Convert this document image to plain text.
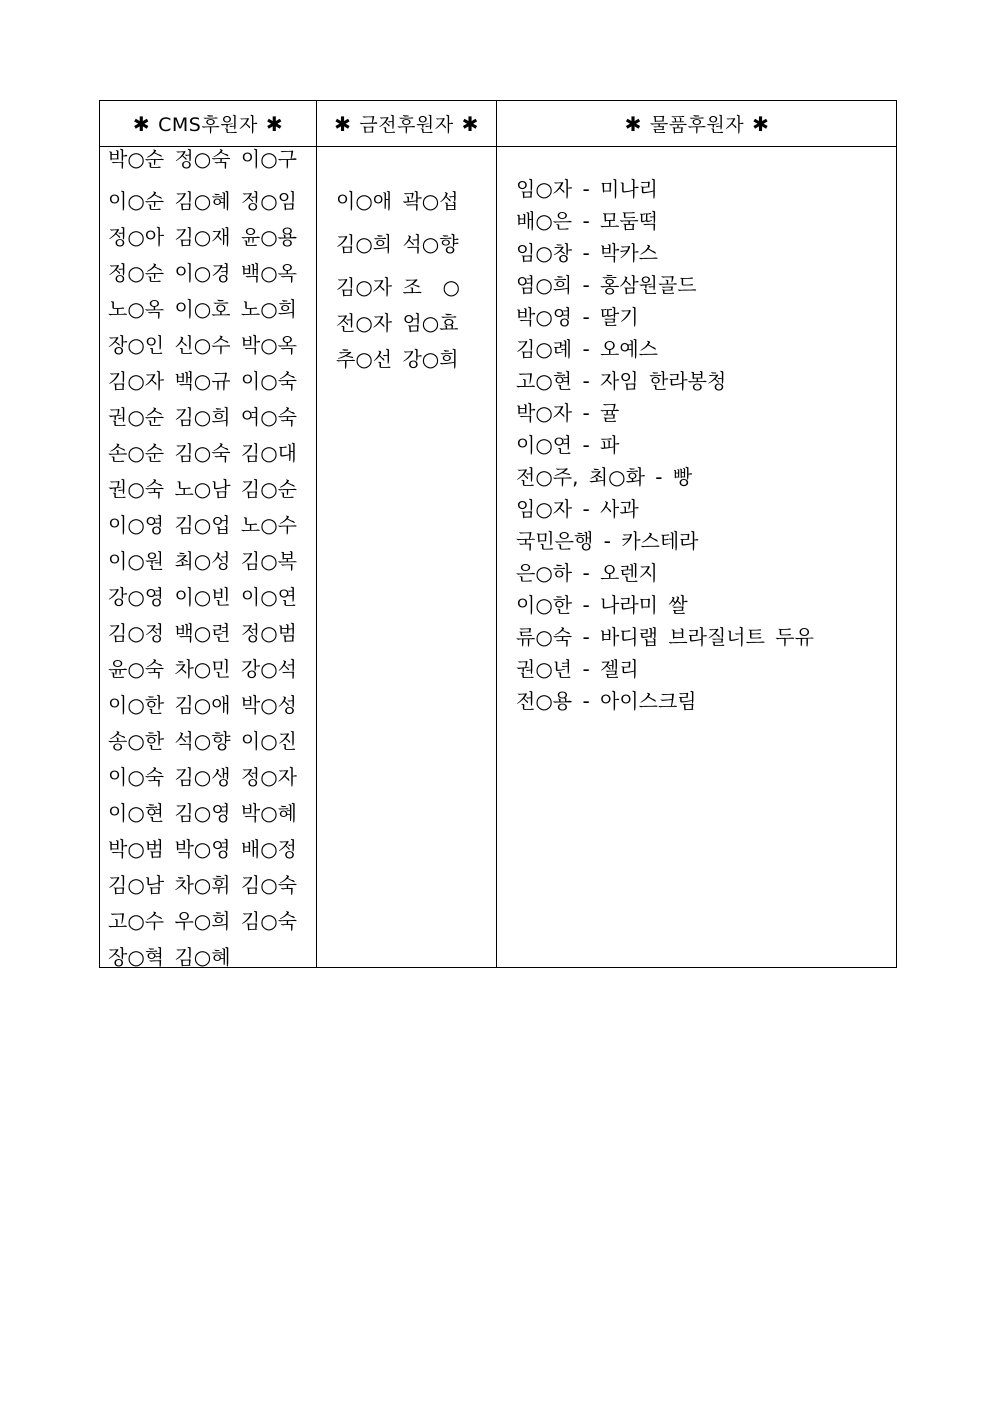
✱ CMS후원자 ✱	✱ 금전후원자 ✱	✱ 물품후원자 ✱
박○순 정○숙 이○구
이○순 김○혜 정○임
정○아 김○재 윤○용
정○순 이○경 백○옥
노○옥 이○호 노○희
장○인 신○수 박○옥
김○자 백○규 이○숙
권○순 김○희 여○숙
손○순 김○숙 김○대
권○숙 노○남 김○순
이○영 김○업 노○수
이○원 최○성 김○복
강○영 이○빈 이○연
김○정 백○련 정○범
윤○숙 차○민 강○석
이○한 김○애 박○성
송○한 석○향 이○진
이○숙 김○생 정○자
이○현 김○영 박○혜
박○범 박○영 배○정
김○남 차○휘 김○숙
고○수 우○희 김○숙
장○혁 김○혜
이○애 곽○섭
김○희 석○향
김○자 조  ○
전○자 엄○효
추○선 강○희
임○자 - 미나리
배○은 - 모둠떡
임○창 - 박카스
염○희 - 홍삼원골드
박○영 - 딸기
김○례 - 오예스
고○현 - 자임 한라봉청
박○자 - 귤
이○연 - 파
전○주, 최○화 - 빵
임○자 - 사과
국민은행 - 카스테라
은○하 - 오렌지
이○한 - 나라미 쌀
류○숙 - 바디랩 브라질너트 두유
권○년 - 젤리
전○용 - 아이스크림
